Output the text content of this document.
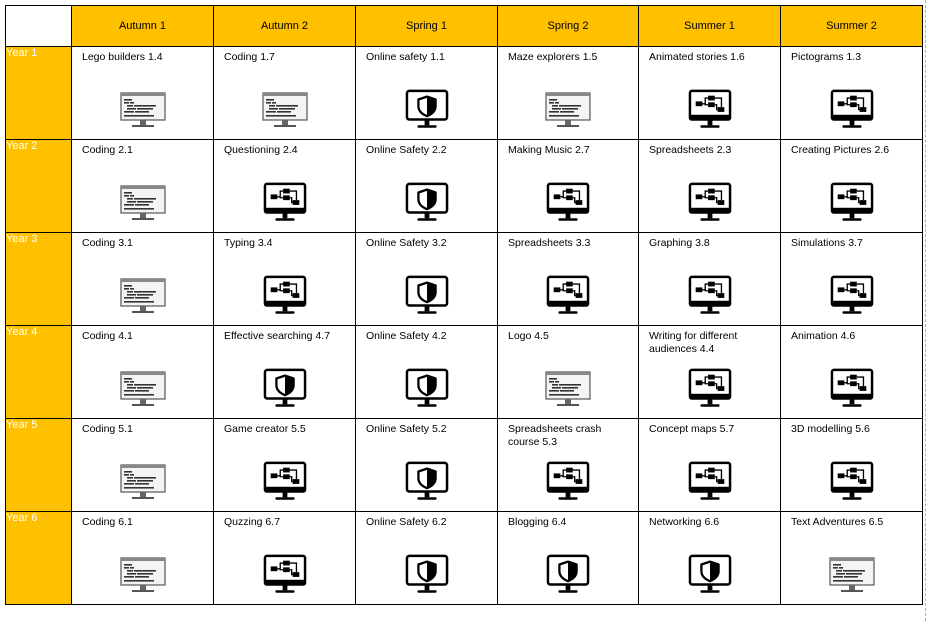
	Autumn 1	Autumn 2	Spring 1	Spring 2	Summer 1	Summer 2
Year 1	Lego builders 1.4	Coding 1.7	Online safety 1.1	Maze explorers 1.5	Animated stories 1.6	Pictograms 1.3

Year 2	Coding 2.1	Questioning 2.4	Online Safety 2.2	Making Music 2.7	Spreadsheets 2.3	Creating Pictures 2.6

Year 3	Coding 3.1	Typing 3.4	Online Safety 3.2	Spreadsheets 3.3	Graphing 3.8	Simulations 3.7

Year 4	Coding 4.1	Effective searching 4.7	Online Safety 4.2	Logo 4.5	Writing for different audiences 4.4	Animation 4.6

Year 5	Coding 5.1	Game creator 5.5	Online Safety 5.2	Spreadsheets crash course 5.3	Concept maps 5.7	3D modelling 5.6

Year 6	Coding 6.1	Quzzing 6.7	Online Safety 6.2	Blogging 6.4	Networking 6.6	Text Adventures 6.5
